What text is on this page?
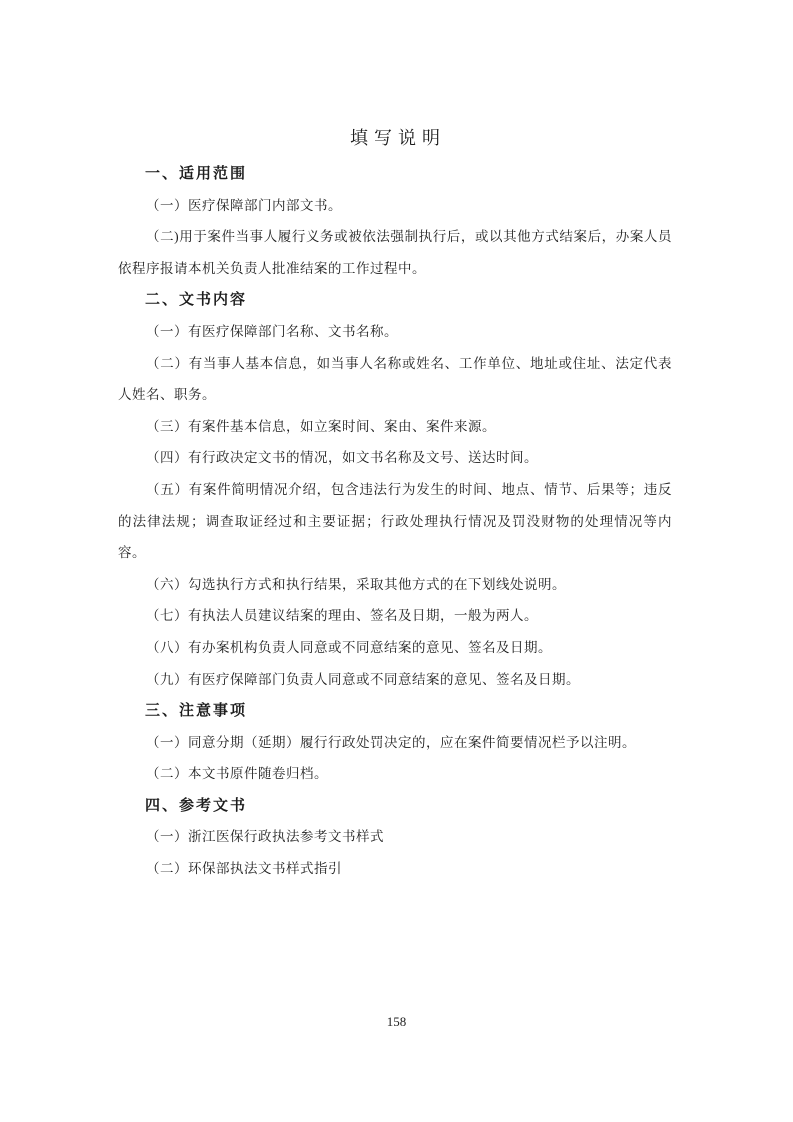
填写说明
一、适用范围

（一）医疗保障部门内部文书。

（二)用于案件当事人履行义务或被依法强制执行后，或以其他方式结案后，办案人员依程序报请本机关负责人批准结案的工作过程中。

二、文书内容

（一）有医疗保障部门名称、文书名称。

（二）有当事人基本信息，如当事人名称或姓名、工作单位、地址或住址、法定代表人姓名、职务。

（三）有案件基本信息，如立案时间、案由、案件来源。

（四）有行政决定文书的情况，如文书名称及文号、送达时间。

（五）有案件简明情况介绍，包含违法行为发生的时间、地点、情节、后果等；违反的法律法规；调查取证经过和主要证据；行政处理执行情况及罚没财物的处理情况等内容。

（六）勾选执行方式和执行结果，采取其他方式的在下划线处说明。

（七）有执法人员建议结案的理由、签名及日期，一般为两人。

（八）有办案机构负责人同意或不同意结案的意见、签名及日期。

（九）有医疗保障部门负责人同意或不同意结案的意见、签名及日期。

三、注意事项

（一）同意分期（延期）履行行政处罚决定的，应在案件简要情况栏予以注明。

（二）本文书原件随卷归档。

四、参考文书

（一）浙江医保行政执法参考文书样式

（二）环保部执法文书样式指引

158
